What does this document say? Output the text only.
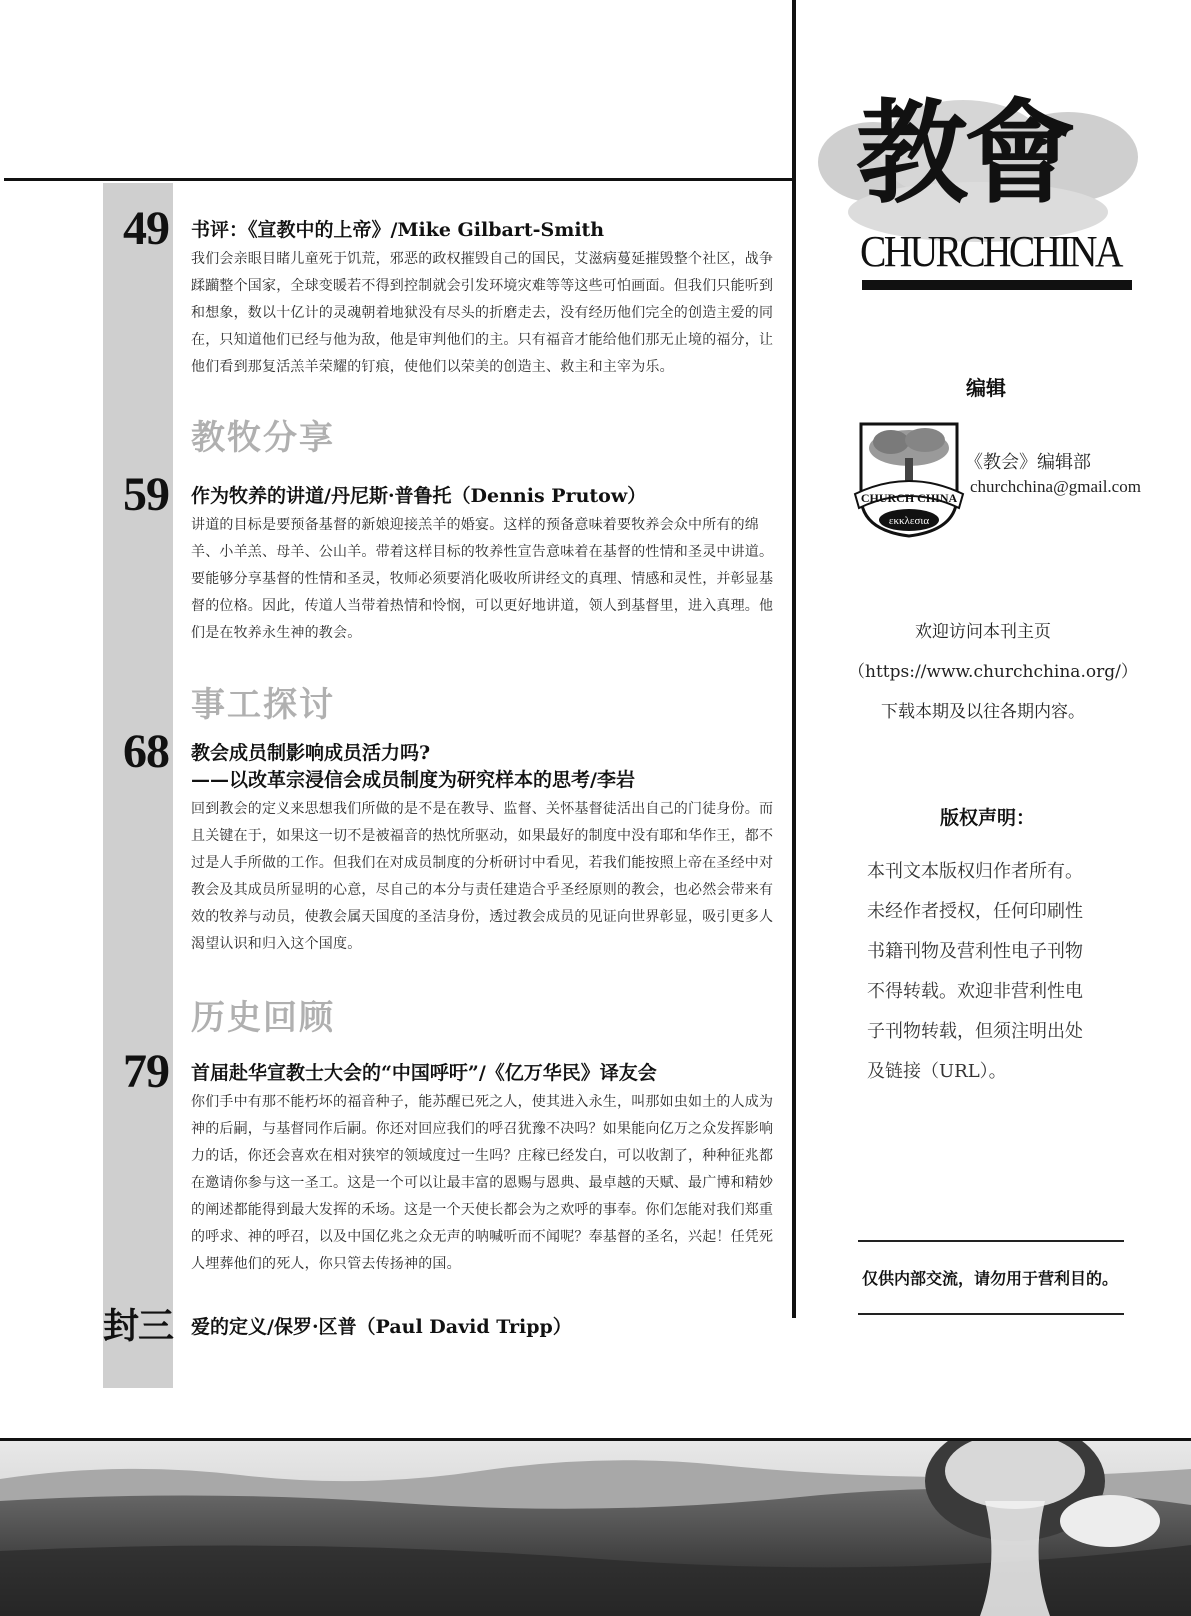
49 书评：《宣教中的上帝》/Mike Gilbart-Smith
我们会亲眼目睹儿童死于饥荒，邪恶的政权摧毁自己的国民，艾滋病蔓延摧毁整个社区，战争
蹂躏整个国家，全球变暖若不得到控制就会引发环境灾难等等这些可怕画面。但我们只能听到
和想象，数以十亿计的灵魂朝着地狱没有尽头的折磨走去，没有经历他们完全的创造主爱的同
在，只知道他们已经与他为敌，他是审判他们的主。只有福音才能给他们那无止境的福分，让
他们看到那复活羔羊荣耀的钉痕，使他们以荣美的创造主、救主和主宰为乐。
教牧分享
59 作为牧养的讲道/丹尼斯·普鲁托（Dennis Prutow）
讲道的目标是要预备基督的新娘迎接羔羊的婚宴。这样的预备意味着要牧养会众中所有的绵
羊、小羊羔、母羊、公山羊。带着这样目标的牧养性宣告意味着在基督的性情和圣灵中讲道。
要能够分享基督的性情和圣灵，牧师必须要消化吸收所讲经文的真理、情感和灵性，并彰显基
督的位格。因此，传道人当带着热情和怜悯，可以更好地讲道，领人到基督里，进入真理。他
们是在牧养永生神的教会。
事工探讨
68 教会成员制影响成员活力吗?
——以改革宗浸信会成员制度为研究样本的思考/李岩
回到教会的定义来思想我们所做的是不是在教导、监督、关怀基督徒活出自己的门徒身份。而
且关键在于，如果这一切不是被福音的热忱所驱动，如果最好的制度中没有耶和华作王，都不
过是人手所做的工作。但我们在对成员制度的分析研讨中看见，若我们能按照上帝在圣经中对
教会及其成员所显明的心意，尽自己的本分与责任建造合乎圣经原则的教会，也必然会带来有
效的牧养与动员，使教会属天国度的圣洁身份，透过教会成员的见证向世界彰显，吸引更多人
渴望认识和归入这个国度。
历史回顾
79 首届赴华宣教士大会的“中国呼吁”/《亿万华民》译友会
你们手中有那不能朽坏的福音种子，能苏醒已死之人，使其进入永生，叫那如虫如土的人成为
神的后嗣，与基督同作后嗣。你还对回应我们的呼召犹豫不决吗？如果能向亿万之众发挥影响
力的话，你还会喜欢在相对狭窄的领域度过一生吗？庄稼已经发白，可以收割了，种种征兆都
在邀请你参与这一圣工。这是一个可以让最丰富的恩赐与恩典、最卓越的天赋、最广博和精妙
的阐述都能得到最大发挥的禾场。这是一个天使长都会为之欢呼的事奉。你们怎能对我们郑重
的呼求、神的呼召，以及中国亿兆之众无声的呐喊听而不闻呢？奉基督的圣名，兴起！任凭死
人埋葬他们的死人，你只管去传扬神的国。
封三 爱的定义/保罗·区普（Paul David Tripp）
教會
CHURCHCHINA
编辑
CHURCH CHINA
εκκλεσια
《教会》编辑部
churchchina@gmail.com
欢迎访问本刊主页
（https://www.churchchina.org/）
下载本期及以往各期内容。
版权声明：
本刊文本版权归作者所有。
未经作者授权，任何印刷性
书籍刊物及营利性电子刊物
不得转载。欢迎非营利性电
子刊物转载，但须注明出处
及链接（URL）。
仅供内部交流，请勿用于营利目的。
